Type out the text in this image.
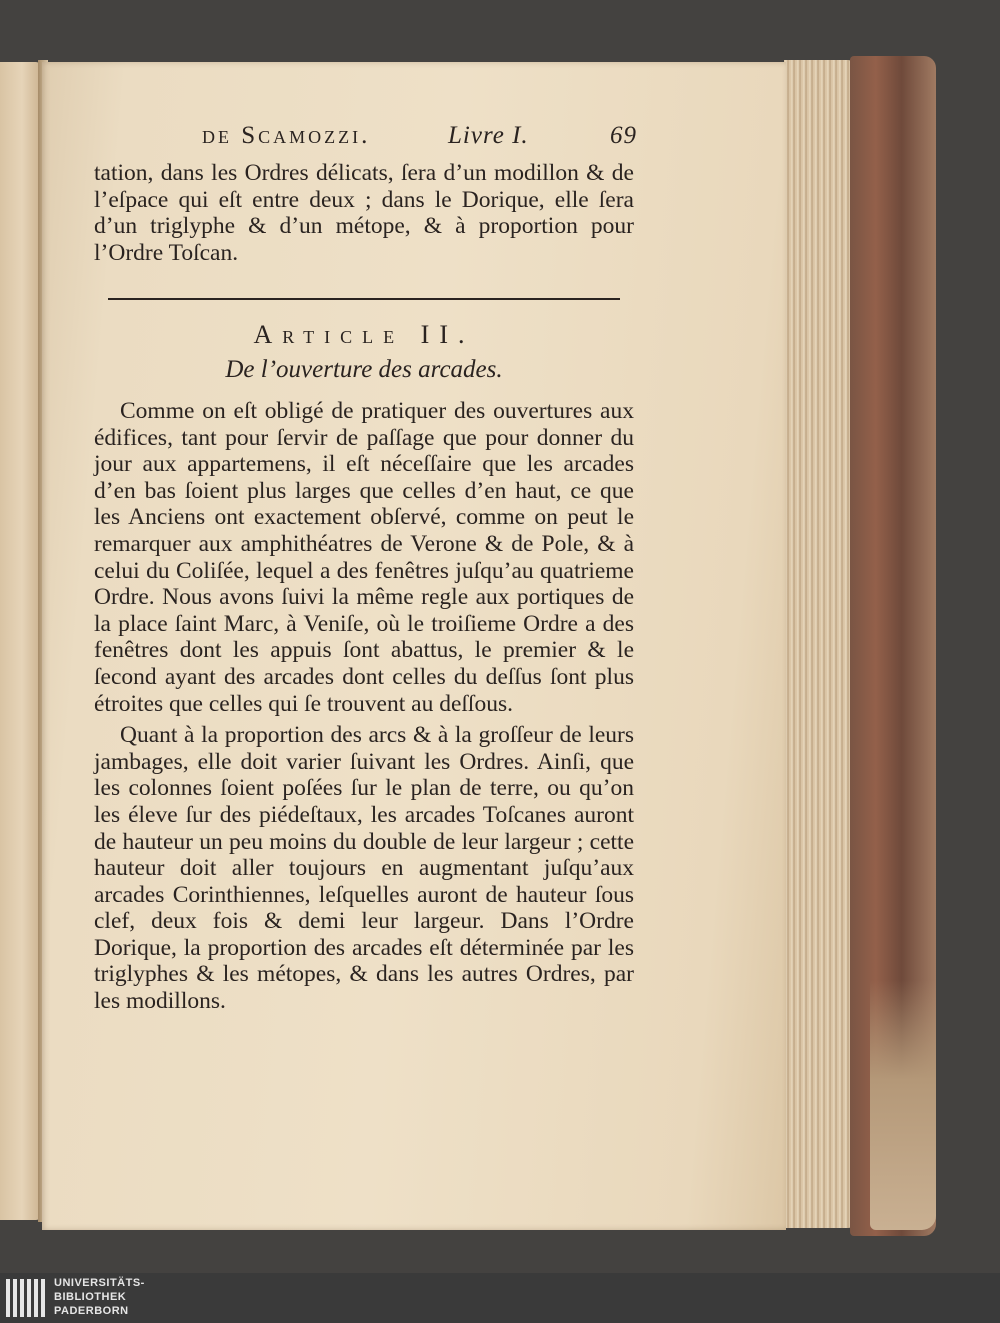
de Scamozzi.	Livre I.	69

tation, dans les Ordres délicats, ſera d’un modillon & de l’eſpace qui eſt entre deux ; dans le Dorique, elle ſera d’un triglyphe & d’un métope, & à proportion pour l’Ordre Toſcan.

Article II.
De l’ouverture des arcades.

Comme on eſt obligé de pratiquer des ouvertures aux édifices, tant pour ſervir de paſſage que pour donner du jour aux appartemens, il eſt néceſſaire que les arcades d’en bas ſoient plus larges que celles d’en haut, ce que les Anciens ont exactement obſervé, comme on peut le remarquer aux amphithéatres de Verone & de Pole, & à celui du Coliſée, lequel a des fenêtres juſqu’au quatrieme Ordre. Nous avons ſuivi la même regle aux portiques de la place ſaint Marc, à Veniſe, où le troiſieme Ordre a des fenêtres dont les appuis ſont abattus, le premier & le ſecond ayant des arcades dont celles du deſſus ſont plus étroites que celles qui ſe trouvent au deſſous.

Quant à la proportion des arcs & à la groſſeur de leurs jambages, elle doit varier ſuivant les Ordres. Ainſi, que les colonnes ſoient poſées ſur le plan de terre, ou qu’on les éleve ſur des piédeſtaux, les arcades Toſcanes auront de hauteur un peu moins du double de leur largeur ; cette hauteur doit aller toujours en augmentant juſqu’aux arcades Corinthiennes, leſquelles auront de hauteur ſous clef, deux fois & demi leur largeur. Dans l’Ordre Dorique, la proportion des arcades eſt déterminée par les triglyphes & les métopes, & dans les autres Ordres, par les modillons.

UNIVERSITÄTS-
BIBLIOTHEK
PADERBORN
